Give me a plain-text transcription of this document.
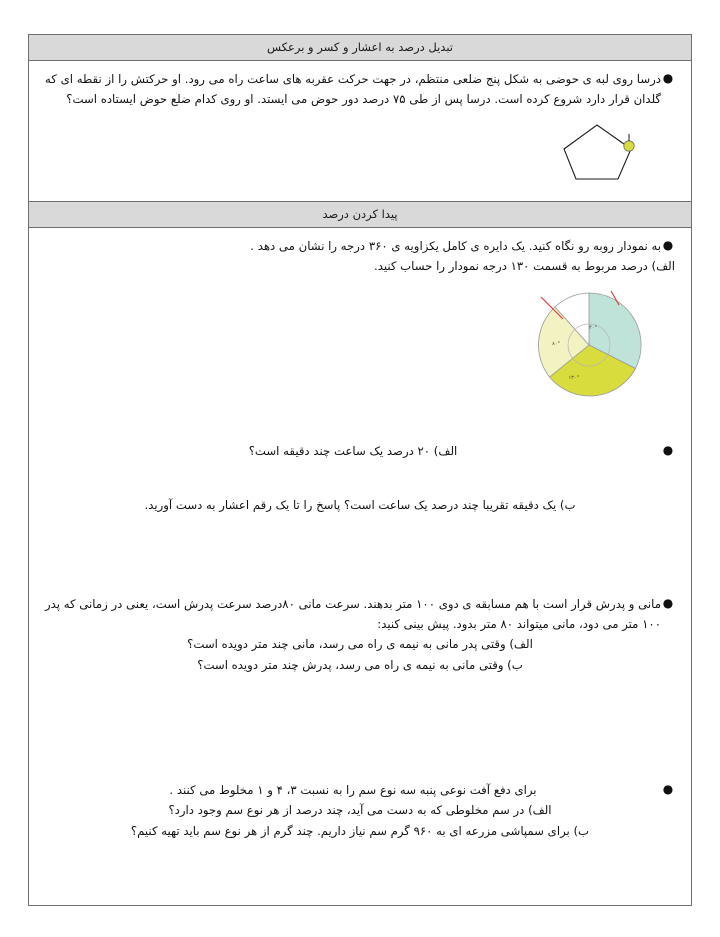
تبدیل درصد به اعشار و کسر و برعکس
●
درسا روی لبه ی حوضی به شکل پنج ضلعی منتظم، در جهت حرکت عقربه های ساعت راه می رود. او حرکتش را از نقطه ای که گلدان قرار دارد شروع کرده است. درسا پس از طی ۷۵ درصد دور حوض می ایستد. او روی کدام ضلع حوض ایستاده است؟
پیدا کردن درصد
●
به نمودار روبه رو نگاه کنید. یک دایره ی کامل یکزاویه ی ۳۶۰ درجه را نشان می دهد .
الف) درصد مربوط به قسمت ۱۳۰ درجه نمودار را حساب کنید.
۸۰°
۴۰°
۱۳۰°
●
الف) ۲۰ درصد یک ساعت چند دقیقه است؟
ب) یک دقیقه تقریبا چند درصد یک ساعت است؟ پاسخ را تا یک رقم اعشار به دست آورید.
●
مانی و پدرش قرار است با هم مسابقه ی دوی ۱۰۰ متر بدهند. سرعت مانی ۸۰درصد سرعت پدرش است، یعنی در زمانی که پدر ۱۰۰ متر می دود، مانی میتواند ۸۰ متر بدود. پیش بینی کنید:
الف) وقتی پدر مانی به نیمه ی راه می رسد، مانی چند متر دویده است؟
ب) وقتی مانی به نیمه ی راه می رسد، پدرش چند متر دویده است؟
●
برای دفع آفت نوعی پنبه سه نوع سم را به نسبت ۳، ۴ و ۱ مخلوط می کنند .
الف) در سم مخلوطی که به دست می آید، چند درصد از هر نوع سم وجود دارد؟
ب) برای سمپاشی مزرعه ای به ۹۶۰ گرم سم نیاز داریم. چند گرم از هر نوع سم باید تهیه کنیم؟
